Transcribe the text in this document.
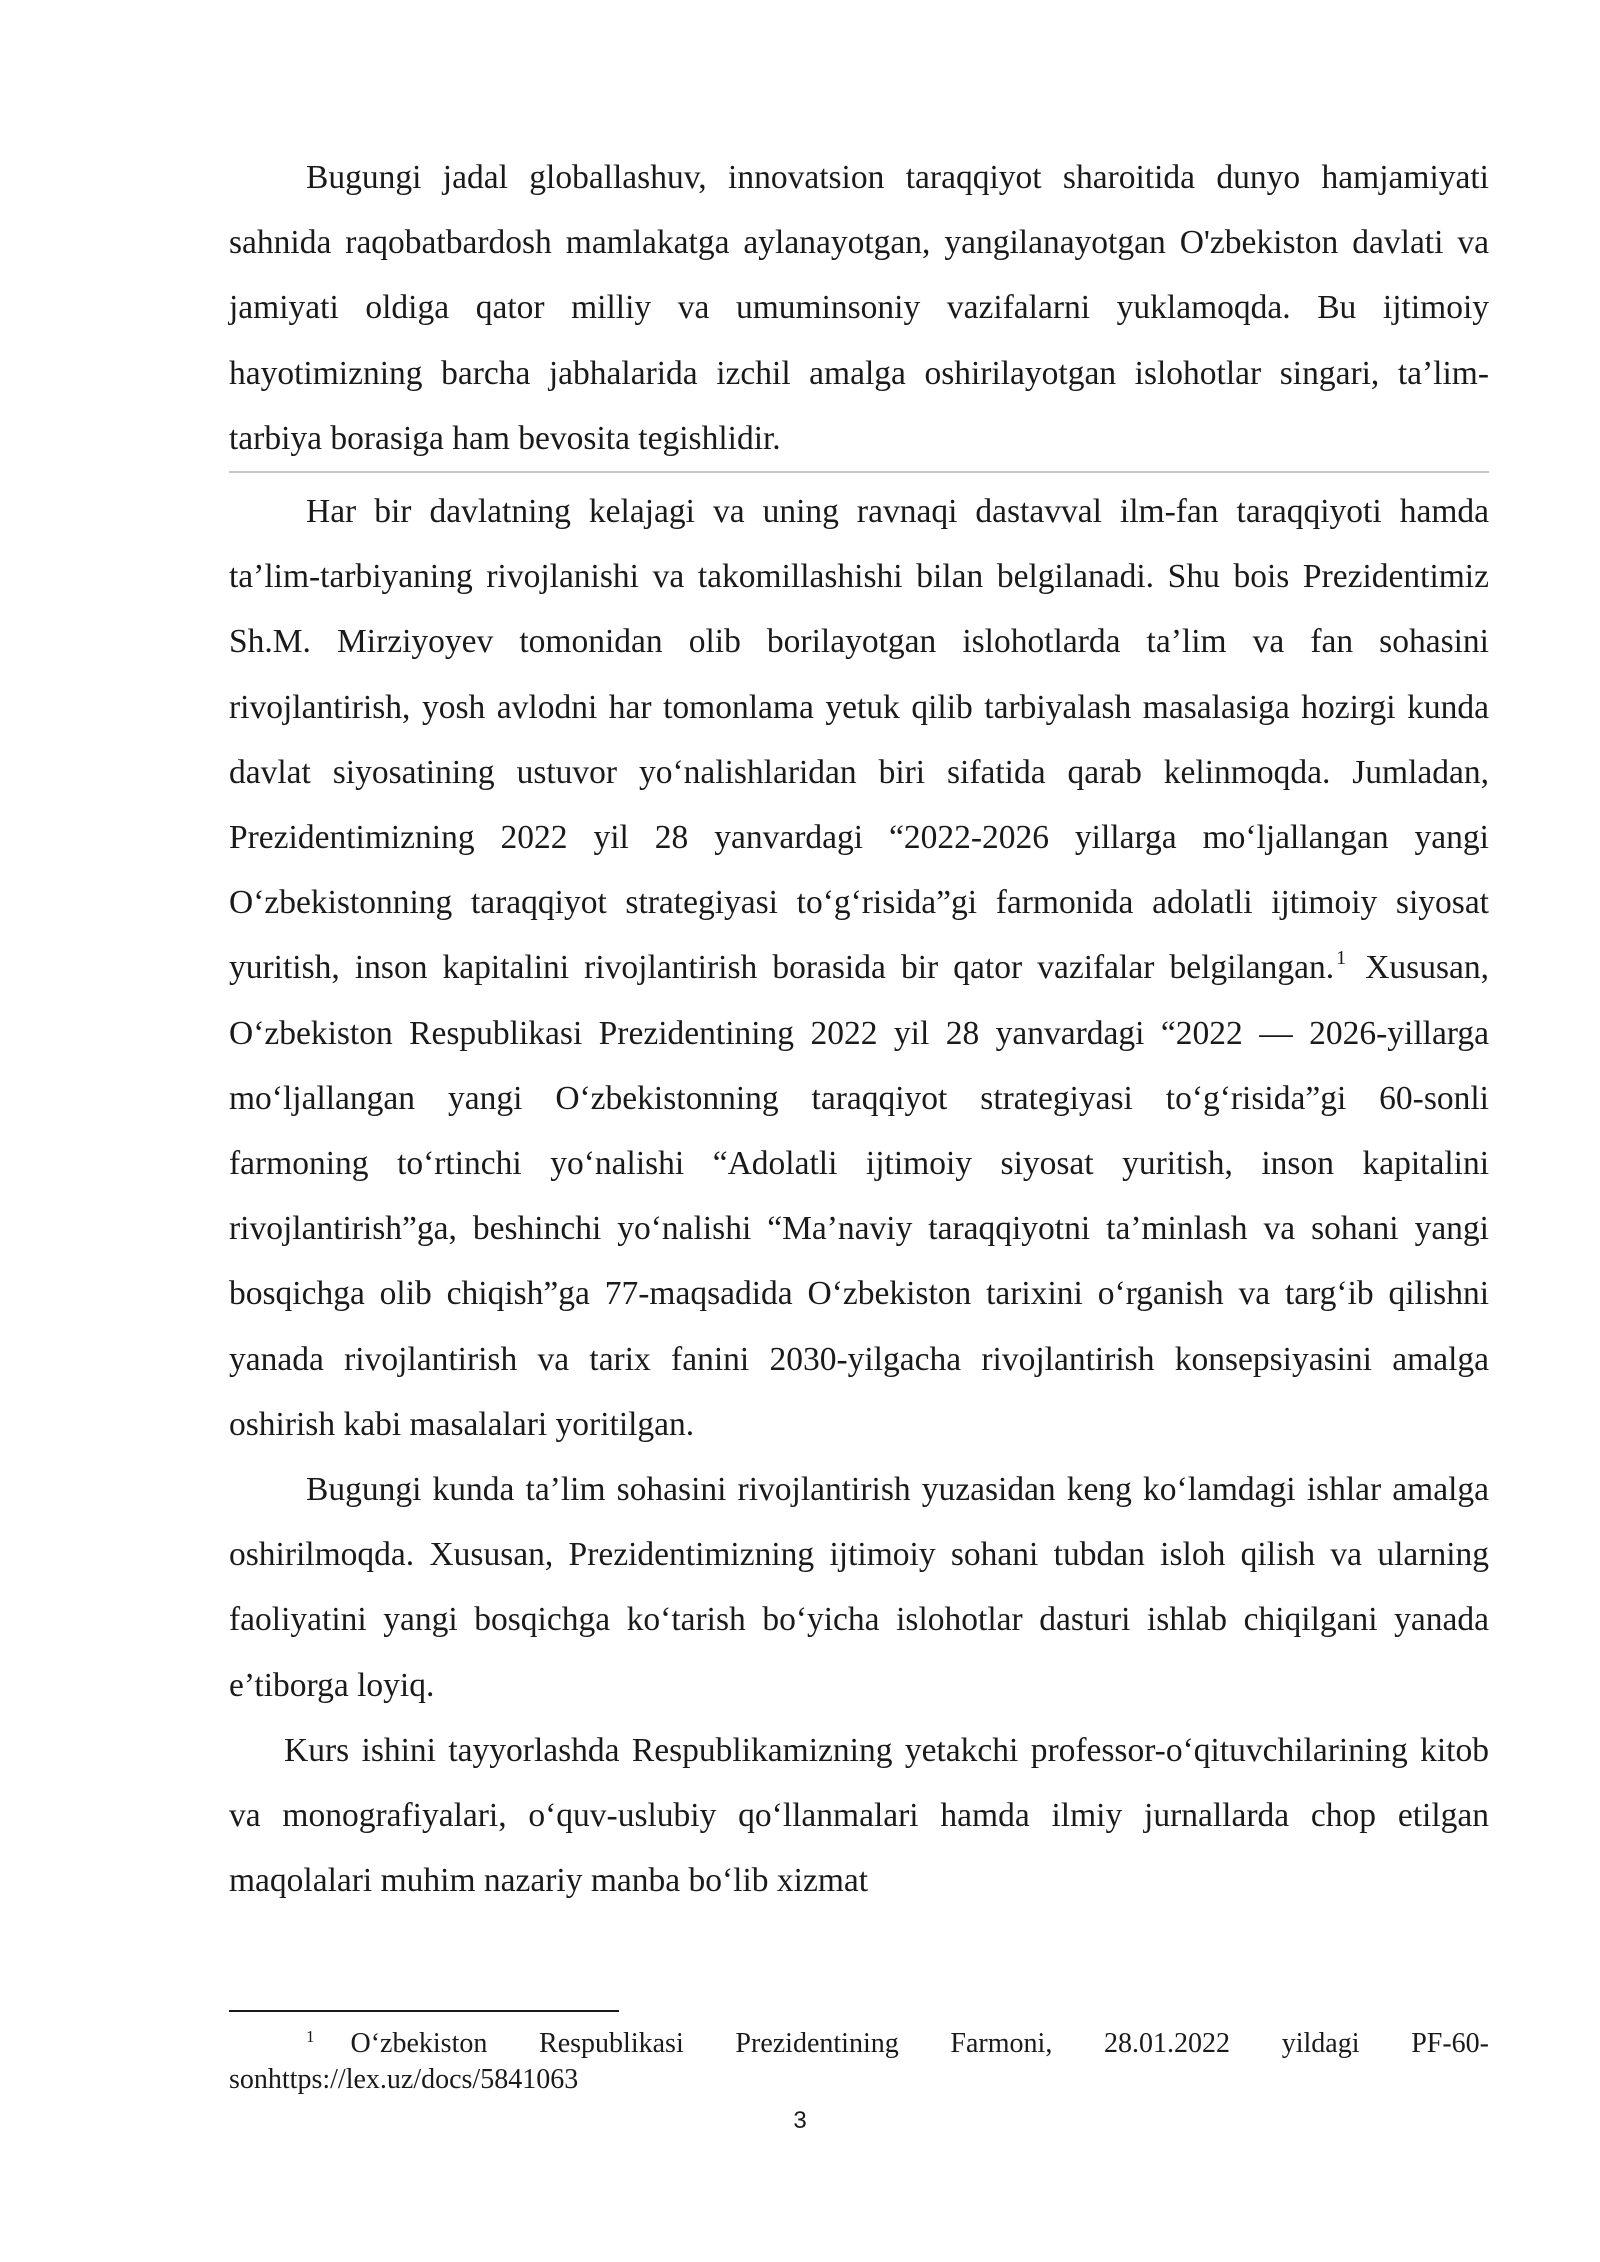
Bugungi jadal globallashuv, innovatsion taraqqiyot sharoitida dunyo hamjamiyati sahnida raqobatbardosh mamlakatga aylanayotgan, yangilanayotgan O'zbekiston davlati va jamiyati oldiga qator milliy va umuminsoniy vazifalarni yuklamoqda. Bu ijtimoiy hayotimizning barcha jabhalarida izchil amalga oshirilayotgan islohotlar singari, ta’lim-tarbiya borasiga ham bevosita tegishlidir.

Har bir davlatning kelajagi va uning ravnaqi dastavval ilm-fan taraqqiyoti hamda ta’lim-tarbiyaning rivojlanishi va takomillashishi bilan belgilanadi. Shu bois Prezidentimiz Sh.M. Mirziyoyev tomonidan olib borilayotgan islohotlarda ta’lim va fan sohasini rivojlantirish, yosh avlodni har tomonlama yetuk qilib tarbiyalash masalasiga hozirgi kunda davlat siyosatining ustuvor yo‘nalishlaridan biri sifatida qarab kelinmoqda. Jumladan, Prezidentimizning 2022 yil 28 yanvardagi “2022-2026 yillarga mo‘ljallangan yangi O‘zbekistonning taraqqiyot strategiyasi to‘g‘risida”gi farmonida adolatli ijtimoiy siyosat yuritish, inson kapitalini rivojlantirish borasida bir qator vazifalar belgilangan. $^1$ Xususan, O‘zbekiston Respublikasi Prezidentining 2022 yil 28 yanvardagi “2022 — 2026-yillarga mo‘ljallangan yangi O‘zbekistonning taraqqiyot strategiyasi to‘g‘risida”gi 60-sonli farmoning to‘rtinchi yo‘nalishi “Adolatli ijtimoiy siyosat yuritish, inson kapitalini rivojlantirish”ga, beshinchi yo‘nalishi “Ma’naviy taraqqiyotni ta’minlash va sohani yangi bosqichga olib chiqish”ga 77-maqsadida O‘zbekiston tarixini o‘rganish va targ‘ib qilishni yanada rivojlantirish va tarix fanini 2030-yilgacha rivojlantirish konsepsiyasini amalga oshirish kabi masalalari yoritilgan.

Bugungi kunda ta’lim sohasini rivojlantirish yuzasidan keng ko‘lamdagi ishlar amalga oshirilmoqda. Xususan, Prezidentimizning ijtimoiy sohani tubdan isloh qilish va ularning faoliyatini yangi bosqichga ko‘tarish bo‘yicha islohotlar dasturi ishlab chiqilgani yanada e’tiborga loyiq.

Kurs ishini tayyorlashda Respublikamizning yetakchi professor-o‘qituvchilarining kitob va monografiyalari, o‘quv-uslubiy qo‘llanmalari hamda ilmiy jurnallarda chop etilgan maqolalari muhim nazariy manba bo‘lib xizmat

$^1$ O‘zbekiston Respublikasi Prezidentining Farmoni, 28.01.2022 yildagi PF-60-sonhttps://lex.uz/docs/5841063

3
